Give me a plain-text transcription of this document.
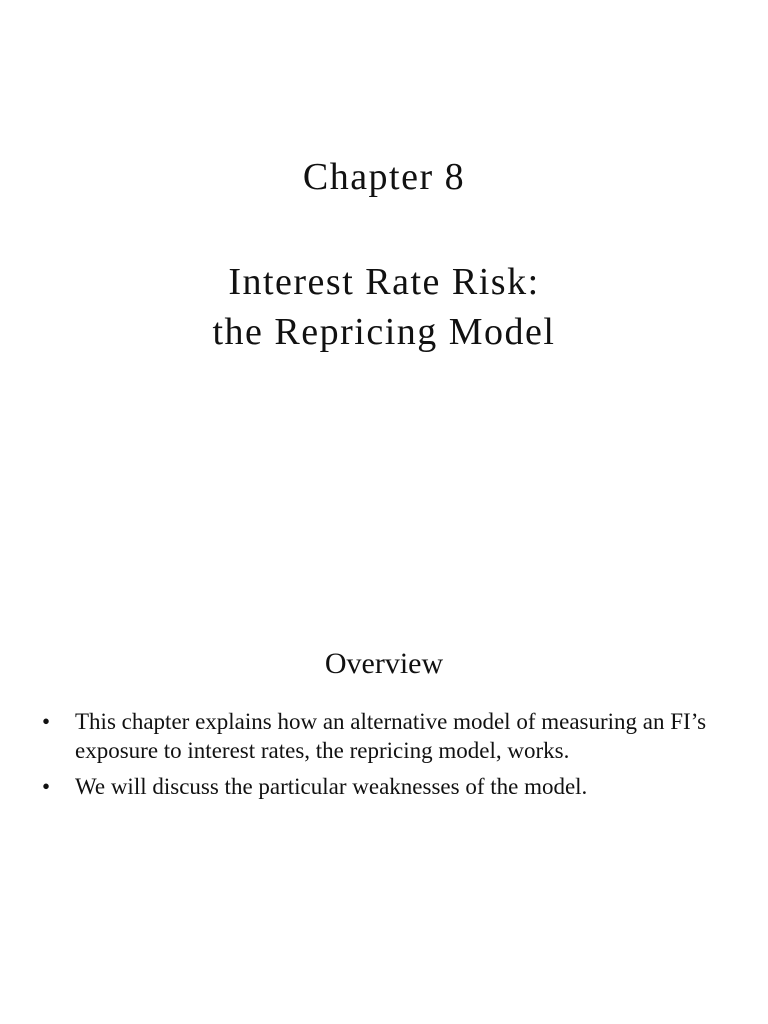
Chapter 8
Interest Rate Risk:
the Repricing Model
Overview
•	This chapter explains how an alternative model of measuring an FI’s exposure to interest rates, the repricing model, works.
•	We will discuss the particular weaknesses of the model.
